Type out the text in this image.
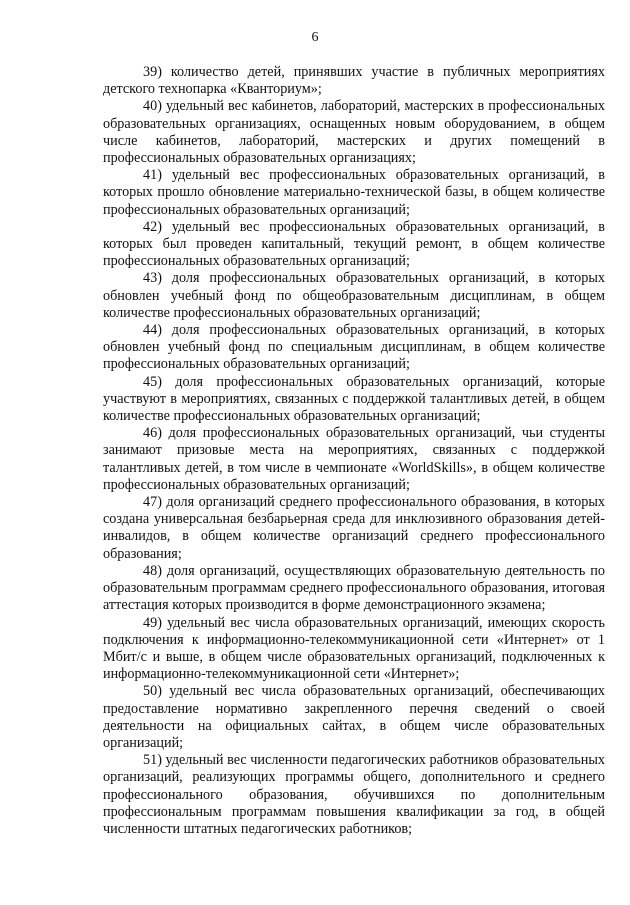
6

39) количество детей, принявших участие в публичных мероприятиях детского технопарка «Кванториум»;

40) удельный вес кабинетов, лабораторий, мастерских в профессиональных образовательных организациях, оснащенных новым оборудованием, в общем числе кабинетов, лабораторий, мастерских и других помещений в профессиональных образовательных организациях;

41) удельный вес профессиональных образовательных организаций, в которых прошло обновление материально-технической базы, в общем количестве профессиональных образовательных организаций;

42) удельный вес профессиональных образовательных организаций, в которых был проведен капитальный, текущий ремонт, в общем количестве профессиональных образовательных организаций;

43) доля профессиональных образовательных организаций, в которых обновлен учебный фонд по общеобразовательным дисциплинам, в общем количестве профессиональных образовательных организаций;

44) доля профессиональных образовательных организаций, в которых обновлен учебный фонд по специальным дисциплинам, в общем количестве профессиональных образовательных организаций;

45) доля профессиональных образовательных организаций, которые участвуют в мероприятиях, связанных с поддержкой талантливых детей, в общем количестве профессиональных образовательных организаций;

46) доля профессиональных образовательных организаций, чьи студенты занимают призовые места на мероприятиях, связанных с поддержкой талантливых детей, в том числе в чемпионате «WorldSkills», в общем количестве профессиональных образовательных организаций;

47) доля организаций среднего профессионального образования, в которых создана универсальная безбарьерная среда для инклюзивного образования детей-инвалидов, в общем количестве организаций среднего профессионального образования;

48) доля организаций, осуществляющих образовательную деятельность по образовательным программам среднего профессионального образования, итоговая аттестация которых производится в форме демонстрационного экзамена;

49) удельный вес числа образовательных организаций, имеющих скорость подключения к информационно-телекоммуникационной сети «Интернет» от 1 Мбит/с и выше, в общем числе образовательных организаций, подключенных к информационно-телекоммуникационной сети «Интернет»;

50) удельный вес числа образовательных организаций, обеспечивающих предоставление нормативно закрепленного перечня сведений о своей деятельности на официальных сайтах, в общем числе образовательных организаций;

51) удельный вес численности педагогических работников образовательных организаций, реализующих программы общего, дополнительного и среднего профессионального образования, обучившихся по дополнительным профессиональным программам повышения квалификации за год, в общей численности штатных педагогических работников;
